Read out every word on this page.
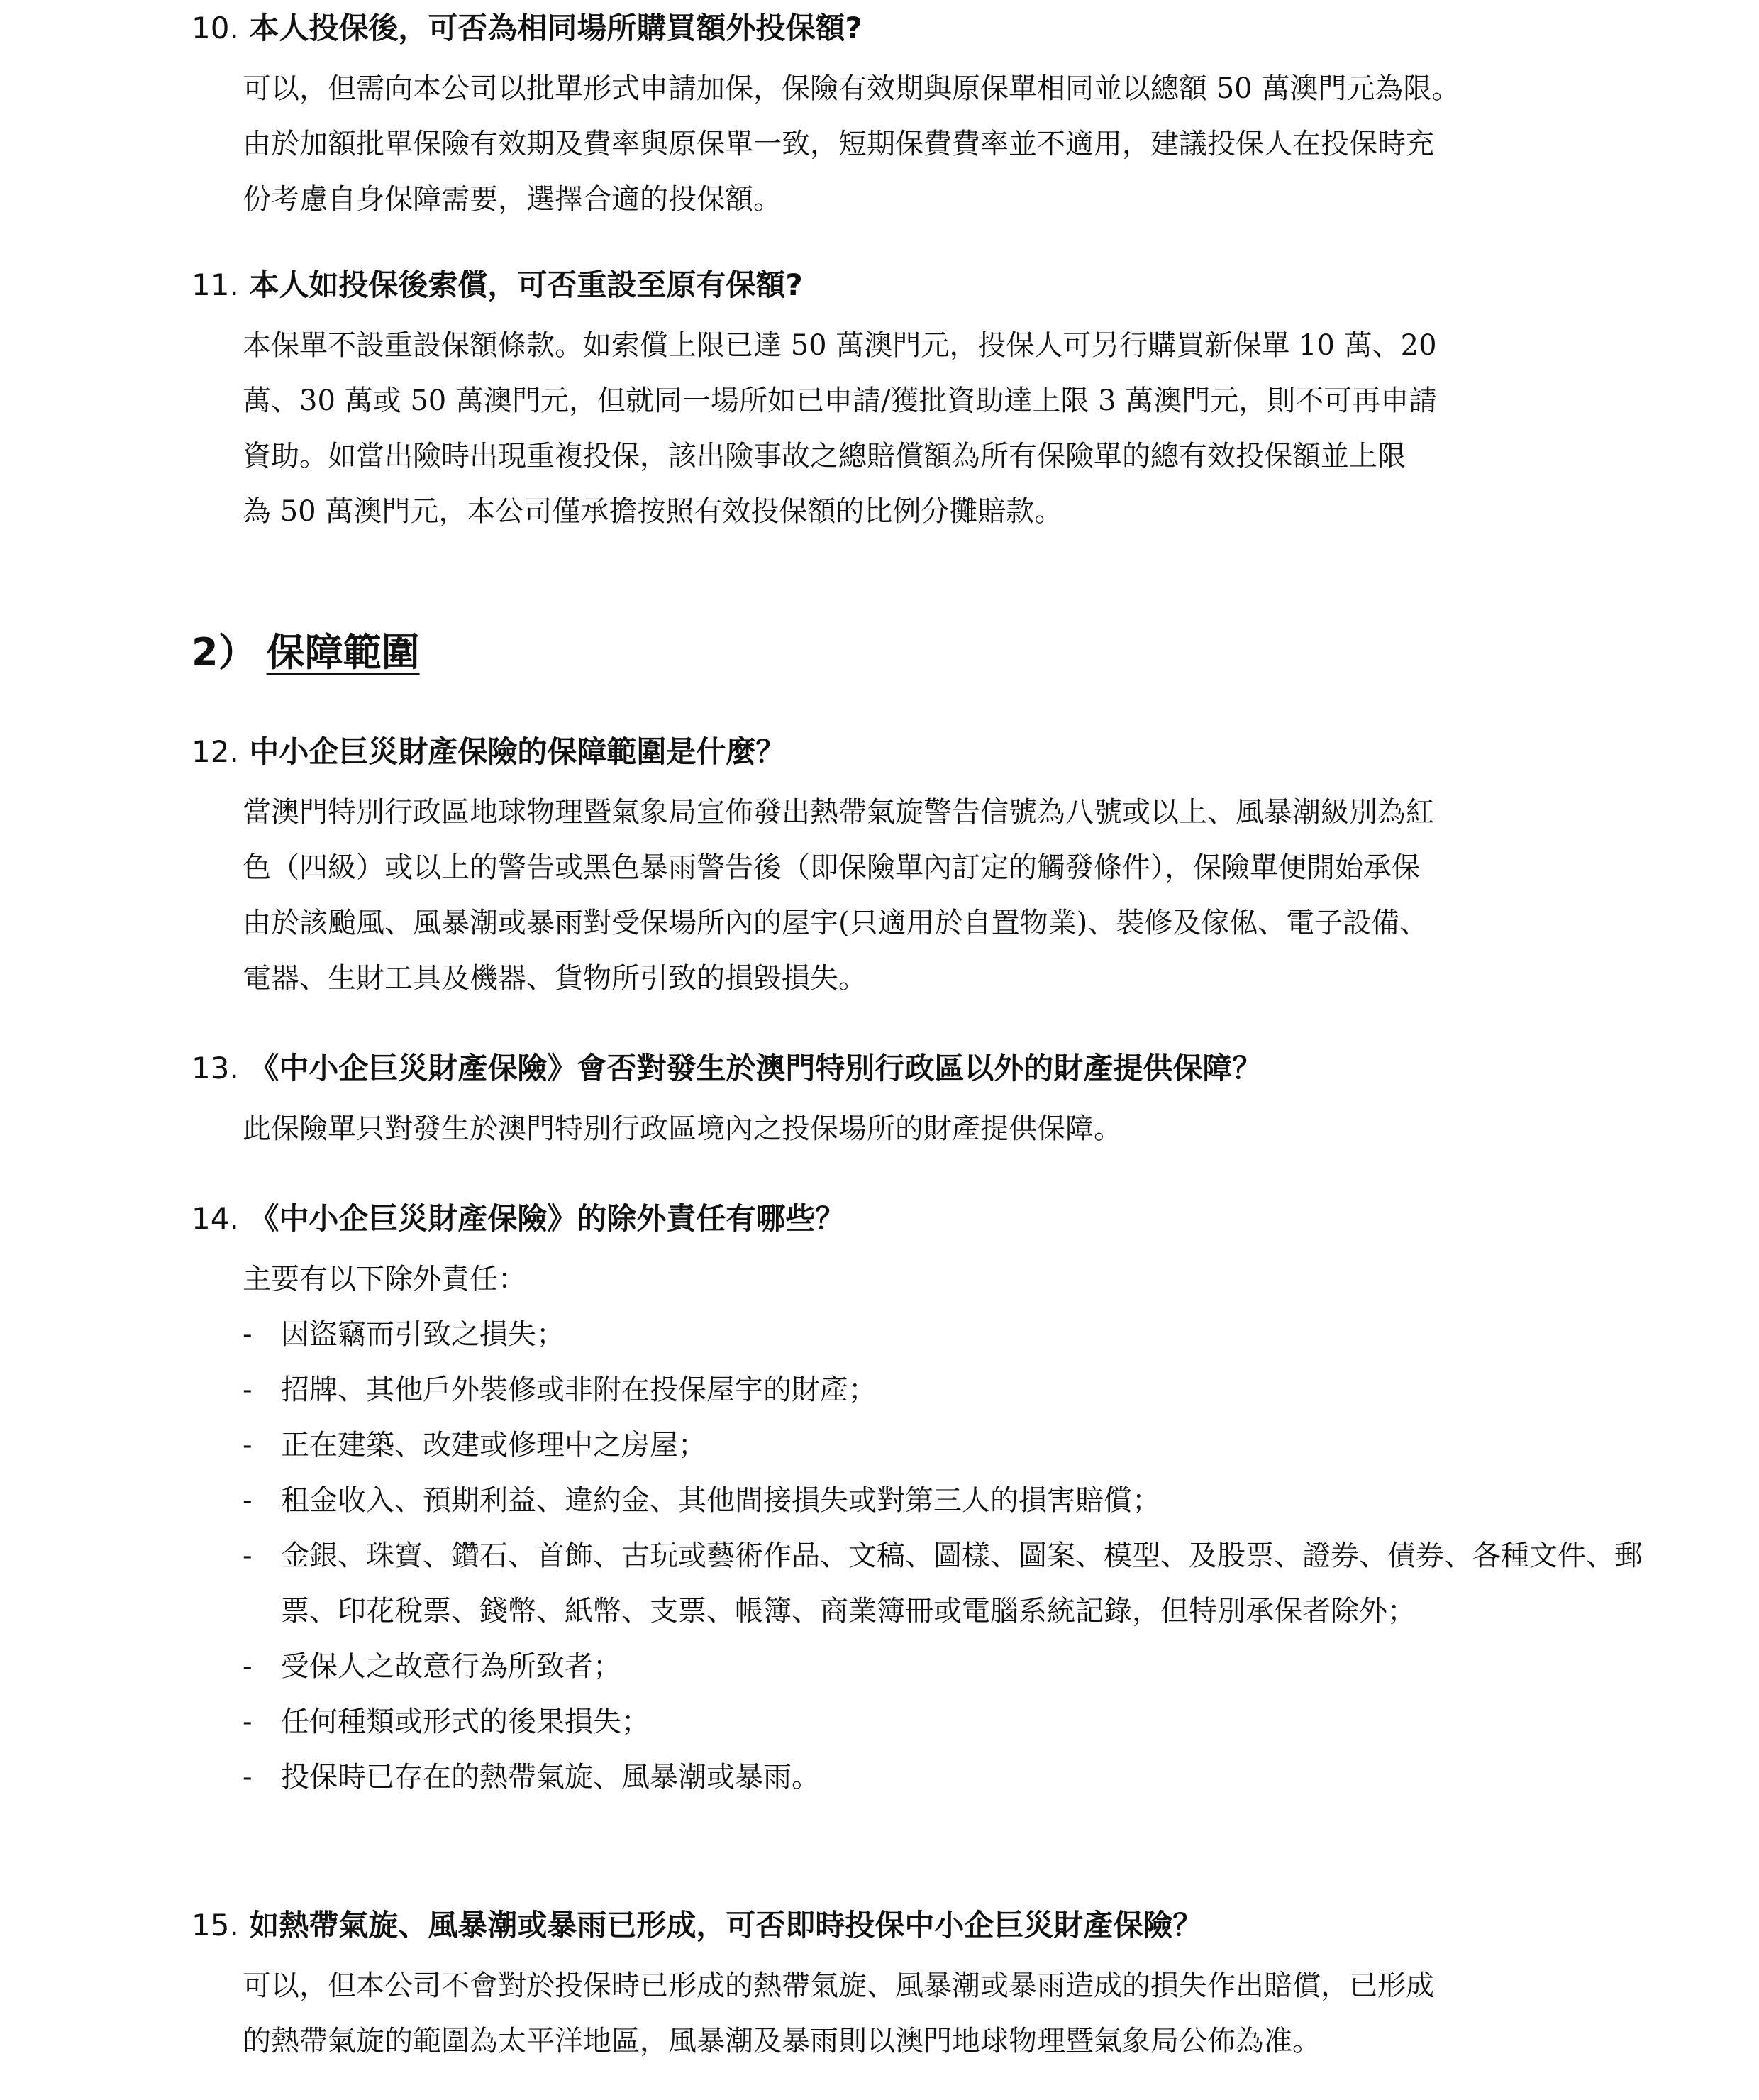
10. 本人投保後，可否為相同場所購買額外投保額?

可以，但需向本公司以批單形式申請加保，保險有效期與原保單相同並以總額 50 萬澳門元為限。

由於加額批單保險有效期及費率與原保單一致，短期保費費率並不適用，建議投保人在投保時充

份考慮自身保障需要，選擇合適的投保額。

11. 本人如投保後索償，可否重設至原有保額?

本保單不設重設保額條款。如索償上限已達 50 萬澳門元，投保人可另行購買新保單 10 萬、20

萬、30 萬或 50 萬澳門元，但就同一場所如已申請/獲批資助達上限 3 萬澳門元，則不可再申請

資助。如當出險時出現重複投保，該出險事故之總賠償額為所有保險單的總有效投保額並上限

為 50 萬澳門元，本公司僅承擔按照有效投保額的比例分攤賠款。

2） 保障範圍
12. 中小企巨災財產保險的保障範圍是什麼？

當澳門特別行政區地球物理暨氣象局宣佈發出熱帶氣旋警告信號為八號或以上、風暴潮級別為紅

色（四級）或以上的警告或黑色暴雨警告後（即保險單內訂定的觸發條件），保險單便開始承保

由於該颱風、風暴潮或暴雨對受保場所內的屋宇(只適用於自置物業)、裝修及傢俬、電子設備、

電器、生財工具及機器、貨物所引致的損毀損失。

13. 《中小企巨災財產保險》會否對發生於澳門特別行政區以外的財產提供保障？

此保險單只對發生於澳門特別行政區境內之投保場所的財產提供保障。

14. 《中小企巨災財產保險》的除外責任有哪些？

主要有以下除外責任：

- 因盜竊而引致之損失；
- 招牌、其他戶外裝修或非附在投保屋宇的財產；
- 正在建築、改建或修理中之房屋；
- 租金收入、預期利益、違約金、其他間接損失或對第三人的損害賠償；
- 金銀、珠寶、鑽石、首飾、古玩或藝術作品、文稿、圖樣、圖案、模型、及股票、證券、債券、各種文件、郵票、印花稅票、錢幣、紙幣、支票、帳簿、商業簿冊或電腦系統記錄，但特別承保者除外；
- 受保人之故意行為所致者；
- 任何種類或形式的後果損失；
- 投保時已存在的熱帶氣旋、風暴潮或暴雨。
15. 如熱帶氣旋、風暴潮或暴雨已形成，可否即時投保中小企巨災財產保險？

可以，但本公司不會對於投保時已形成的熱帶氣旋、風暴潮或暴雨造成的損失作出賠償，已形成

的熱帶氣旋的範圍為太平洋地區，風暴潮及暴雨則以澳門地球物理暨氣象局公佈為准。
